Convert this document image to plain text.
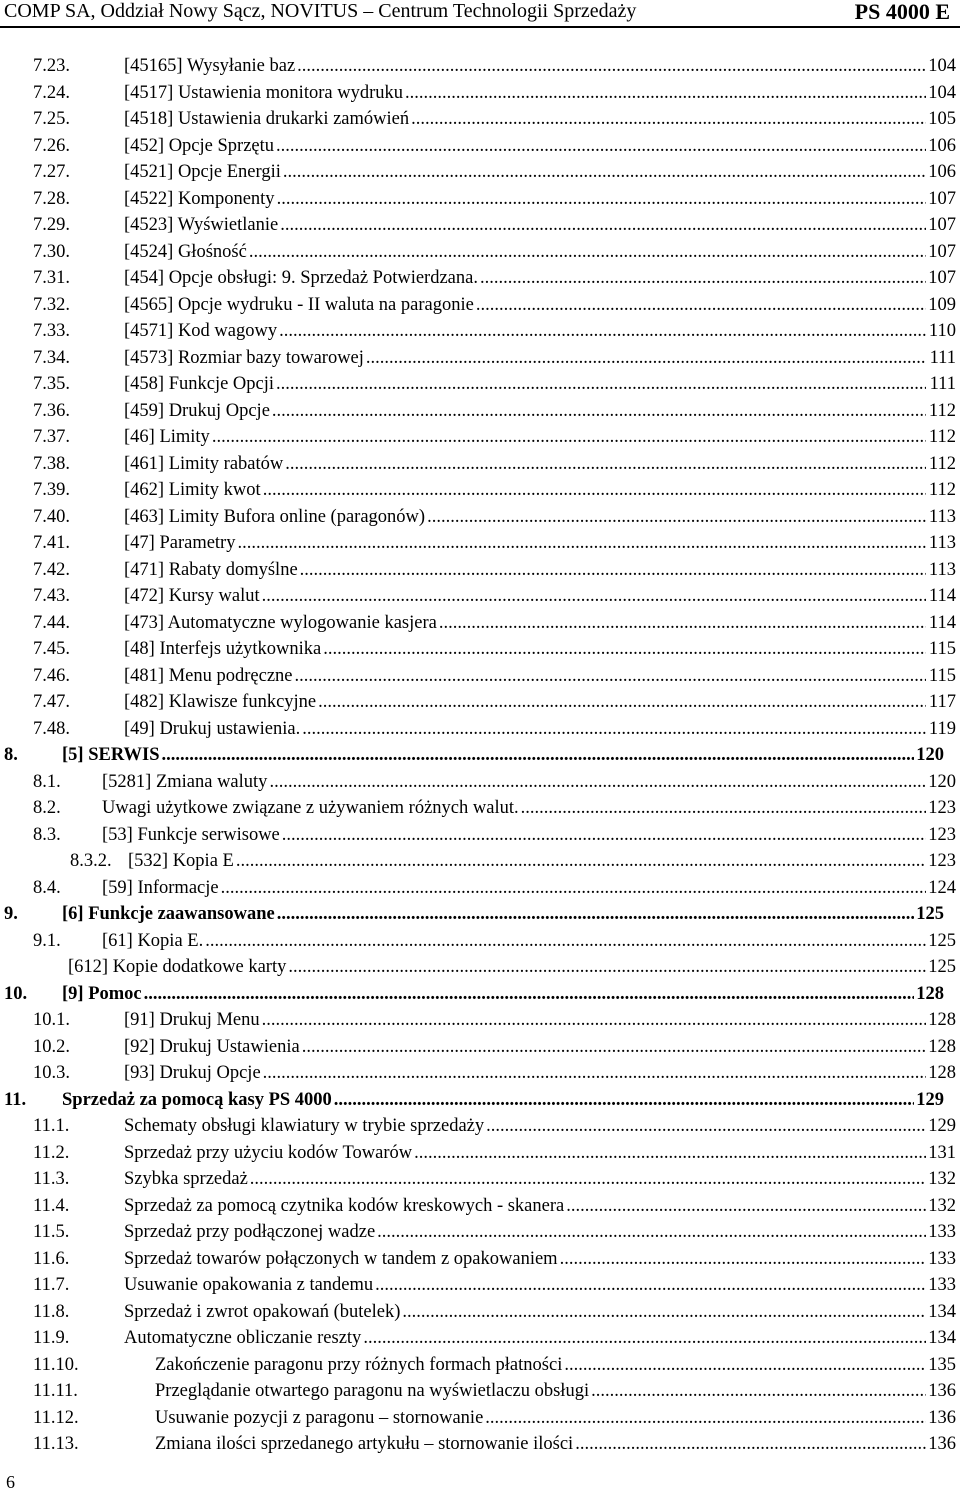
COMP SA, Oddział Nowy Sącz, NOVITUS – Centrum Technologii Sprzedaży	PS 4000 E
7.23.	[45165] Wysyłanie baz .....	104
7.24.	[4517] Ustawienia monitora wydruku .....	104
7.25.	[4518] Ustawienia drukarki zamówień .....	105
7.26.	[452] Opcje Sprzętu .....	106
7.27.	[4521] Opcje Energii .....	106
7.28.	[4522] Komponenty .....	107
7.29.	[4523] Wyświetlanie .....	107
7.30.	[4524] Głośność .....	107
7.31.	[454] Opcje obsługi: 9. Sprzedaż Potwierdzana. .....	107
7.32.	[4565] Opcje wydruku - II waluta na paragonie .....	109
7.33.	[4571] Kod wagowy .....	110
7.34.	[4573] Rozmiar bazy towarowej .....	111
7.35.	[458] Funkcje Opcji .....	111
7.36.	[459] Drukuj Opcje .....	112
7.37.	[46] Limity .....	112
7.38.	[461] Limity rabatów .....	112
7.39.	[462] Limity kwot .....	112
7.40.	[463] Limity Bufora online (paragonów) .....	113
7.41.	[47] Parametry .....	113
7.42.	[471] Rabaty domyślne .....	113
7.43.	[472] Kursy walut .....	114
7.44.	[473] Automatyczne wylogowanie kasjera .....	114
7.45.	[48] Interfejs użytkownika .....	115
7.46.	[481] Menu podręczne .....	115
7.47.	[482] Klawisze funkcyjne .....	117
7.48.	[49] Drukuj ustawienia. .....	119
8. [5] SERWIS .....	120
8.1. [5281] Zmiana waluty .....	120
8.2. Uwagi użytkowe związane z używaniem różnych walut. .....	123
8.3. [53] Funkcje serwisowe .....	123
8.3.2. [532] Kopia E .....	123
8.4. [59] Informacje .....	124
9. [6] Funkcje zaawansowane .....	125
9.1. [61] Kopia E. .....	125
[612] Kopie dodatkowe karty .....	125
10. [9] Pomoc .....	128
10.1.	[91] Drukuj Menu .....	128
10.2.	[92] Drukuj Ustawienia .....	128
10.3.	[93] Drukuj Opcje .....	128
11. Sprzedaż za pomocą kasy PS 4000 .....	129
11.1.	Schematy obsługi klawiatury w trybie sprzedaży .....	129
11.2.	Sprzedaż przy użyciu kodów Towarów .....	131
11.3.	Szybka sprzedaż .....	132
11.4.	Sprzedaż za pomocą czytnika kodów kreskowych - skanera .....	132
11.5.	Sprzedaż przy podłączonej wadze .....	133
11.6.	Sprzedaż towarów połączonych w tandem z opakowaniem .....	133
11.7.	Usuwanie opakowania z tandemu .....	133
11.8.	Sprzedaż i zwrot opakowań (butelek) .....	134
11.9.	Automatyczne obliczanie reszty .....	134
11.10.	Zakończenie paragonu przy różnych formach płatności .....	135
11.11.	Przeglądanie otwartego paragonu na wyświetlaczu obsługi .....	136
11.12.	Usuwanie pozycji z paragonu – stornowanie .....	136
11.13.	Zmiana ilości sprzedanego artykułu – stornowanie ilości .....	136
6
